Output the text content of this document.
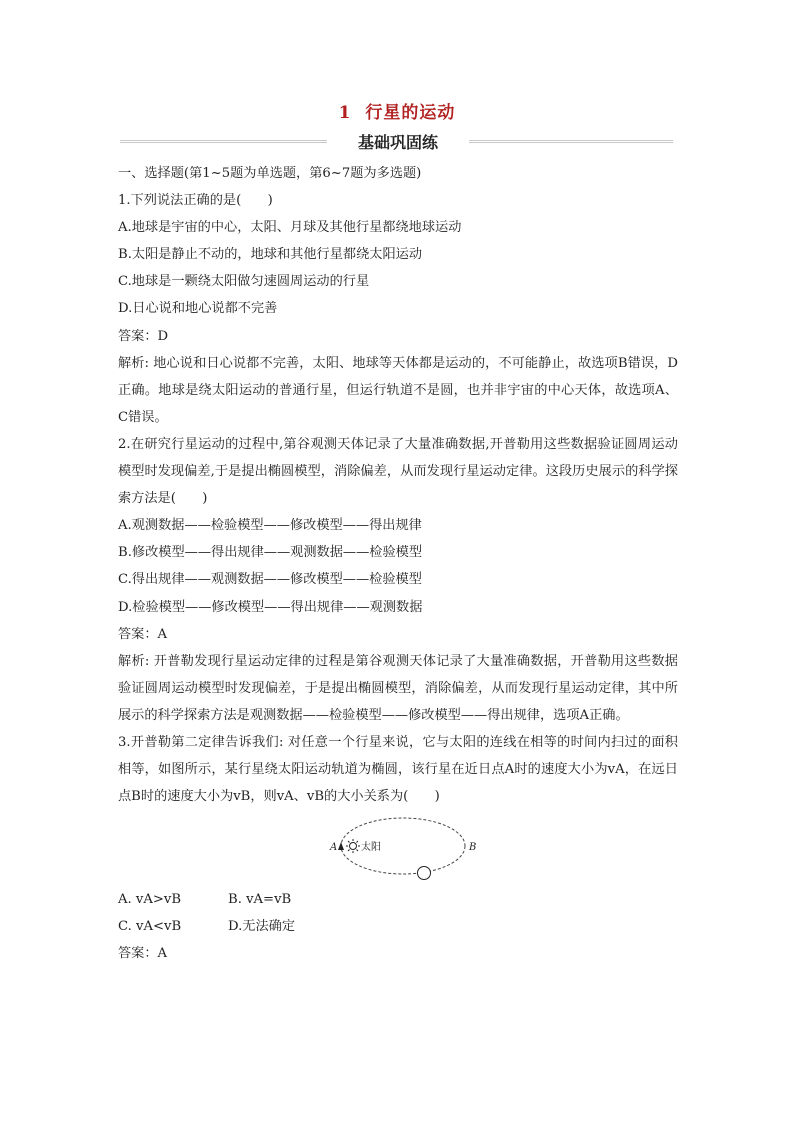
1 行星的运动
基础巩固练
一、选择题(第1~5题为单选题，第6~7题为多选题)
1.下列说法正确的是(　　)
A.地球是宇宙的中心，太阳、月球及其他行星都绕地球运动
B.太阳是静止不动的，地球和其他行星都绕太阳运动
C.地球是一颗绕太阳做匀速圆周运动的行星
D.日心说和地心说都不完善
答案：D
解析: 地心说和日心说都不完善，太阳、地球等天体都是运动的，不可能静止，故选项B错误，D正确。地球是绕太阳运动的普通行星，但运行轨道不是圆，也并非宇宙的中心天体，故选项A、C错误。
2.在研究行星运动的过程中,第谷观测天体记录了大量准确数据,开普勒用这些数据验证圆周运动模型时发现偏差,于是提出椭圆模型，消除偏差，从而发现行星运动定律。这段历史展示的科学探索方法是(　　)
A.观测数据——检验模型——修改模型——得出规律
B.修改模型——得出规律——观测数据——检验模型
C.得出规律——观测数据——修改模型——检验模型
D.检验模型——修改模型——得出规律——观测数据
答案：A
解析: 开普勒发现行星运动定律的过程是第谷观测天体记录了大量准确数据，开普勒用这些数据验证圆周运动模型时发现偏差，于是提出椭圆模型，消除偏差，从而发现行星运动定律，其中所展示的科学探索方法是观测数据——检验模型——修改模型——得出规律，选项A正确。
3.开普勒第二定律告诉我们: 对任意一个行星来说，它与太阳的连线在相等的时间内扫过的面积相等，如图所示，某行星绕太阳运动轨道为椭圆，该行星在近日点A时的速度大小为vA，在远日点B时的速度大小为vB，则vA、vB的大小关系为(　　)
A	B
太阳
A. vA>vB	B. vA=vB
C. vA<vB	D.无法确定
答案：A
